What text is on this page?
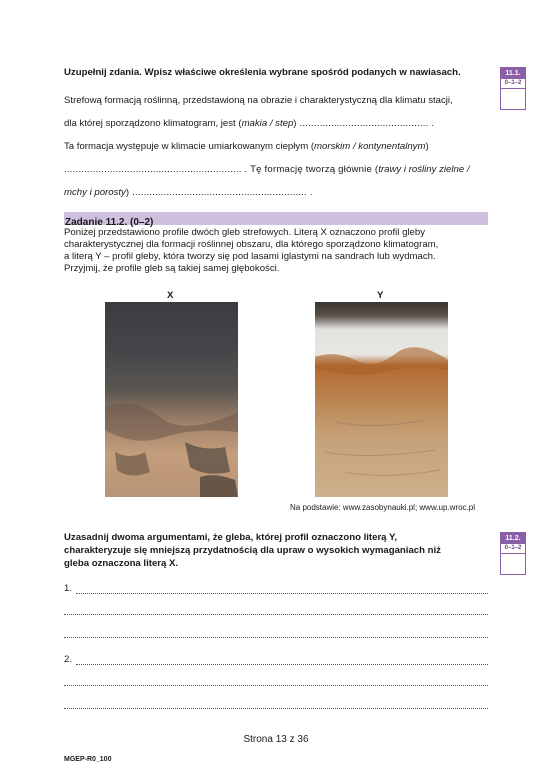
Uzupełnij zdania. Wpisz właściwe określenia wybrane spośród podanych w nawiasach.	11.1.
0–1–2
Strefową formacją roślinną, przedstawioną na obrazie i charakterystyczną dla klimatu stacji,
dla której sporządzono klimatogram, jest (makia / step) ............................................. .
Ta formacja występuje w klimacie umiarkowanym ciepłym (morskim / kontynentalnym)
.............................................................. . Tę formację tworzą głównie (trawy i rośliny zielne /
mchy i porosty) ............................................................. .
Zadanie 11.2. (0–2)
Poniżej przedstawiono profile dwóch gleb strefowych. Literą X oznaczono profil gleby
charakterystycznej dla formacji roślinnej obszaru, dla którego sporządzono klimatogram,
a literą Y – profil gleby, która tworzy się pod lasami iglastymi na sandrach lub wydmach.
Przyjmij, że profile gleb są takiej samej głębokości.
X	Y
Na podstawie: www.zasobynauki.pl; www.up.wroc.pl
Uzasadnij dwoma argumentami, że gleba, której profil oznaczono literą Y,
charakteryzuje się mniejszą przydatnością dla upraw o wysokich wymaganiach niż
gleba oznaczona literą X.
11.2.
0–1–2
1.
2.
Strona 13 z 36
MGEP-R0_100
